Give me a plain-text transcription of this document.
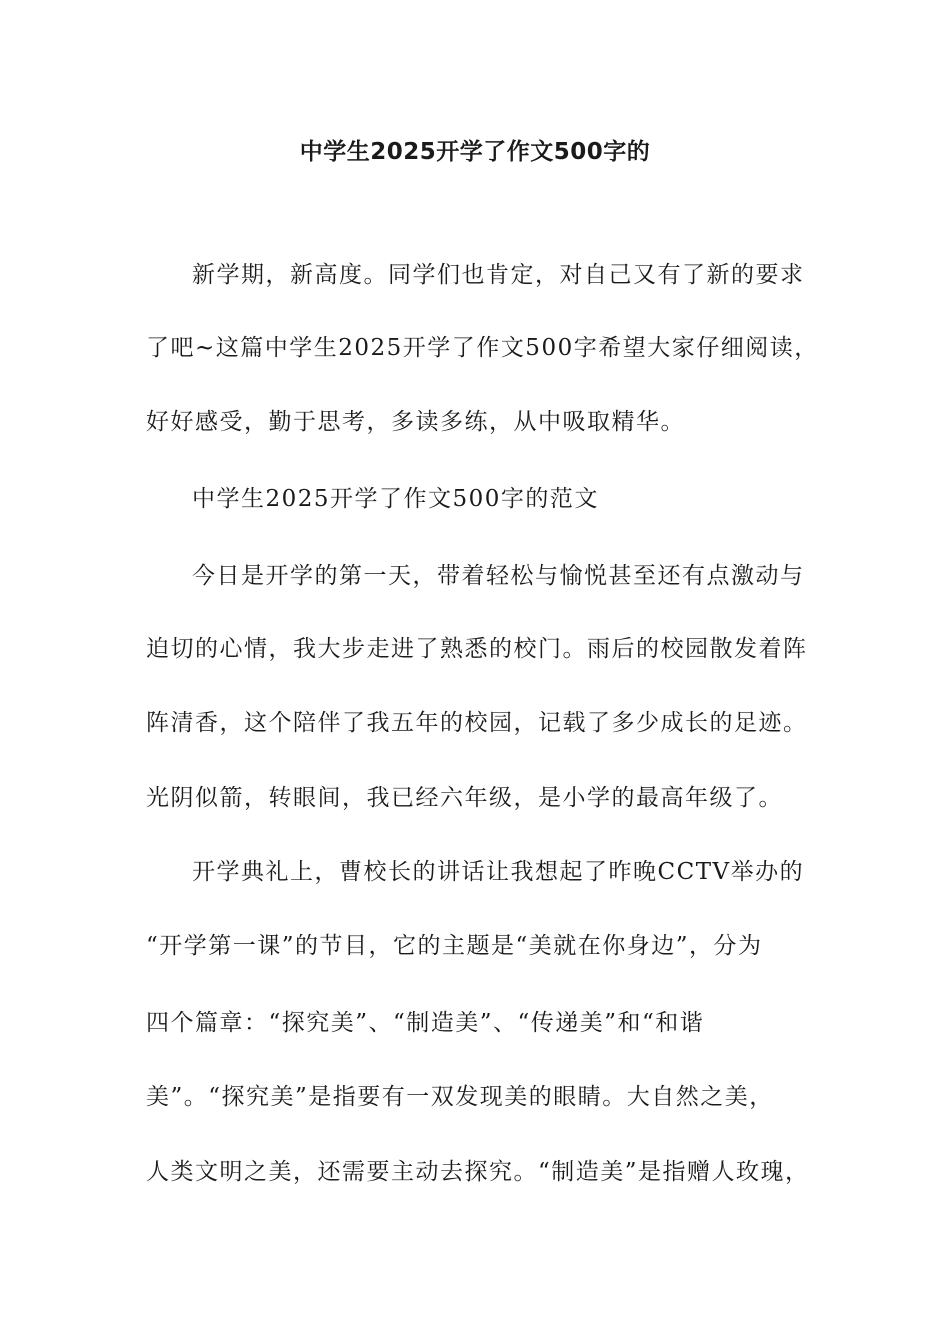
中学生2025开学了作文500字的

新学期，新高度。同学们也肯定，对自己又有了新的要求

了吧~这篇中学生2025开学了作文500字希望大家仔细阅读，

好好感受，勤于思考，多读多练，从中吸取精华。

中学生2025开学了作文500字的范文

今日是开学的第一天，带着轻松与愉悦甚至还有点激动与

迫切的心情，我大步走进了熟悉的校门。雨后的校园散发着阵

阵清香，这个陪伴了我五年的校园，记载了多少成长的足迹。

光阴似箭，转眼间，我已经六年级，是小学的最高年级了。

开学典礼上，曹校长的讲话让我想起了昨晚CCTV举办的

“开学第一课”的节目，它的主题是“美就在你身边”，分为

四个篇章：“探究美”、“制造美”、“传递美”和“和谐

美”。“探究美”是指要有一双发现美的眼睛。大自然之美，

人类文明之美，还需要主动去探究。“制造美”是指赠人玫瑰，
